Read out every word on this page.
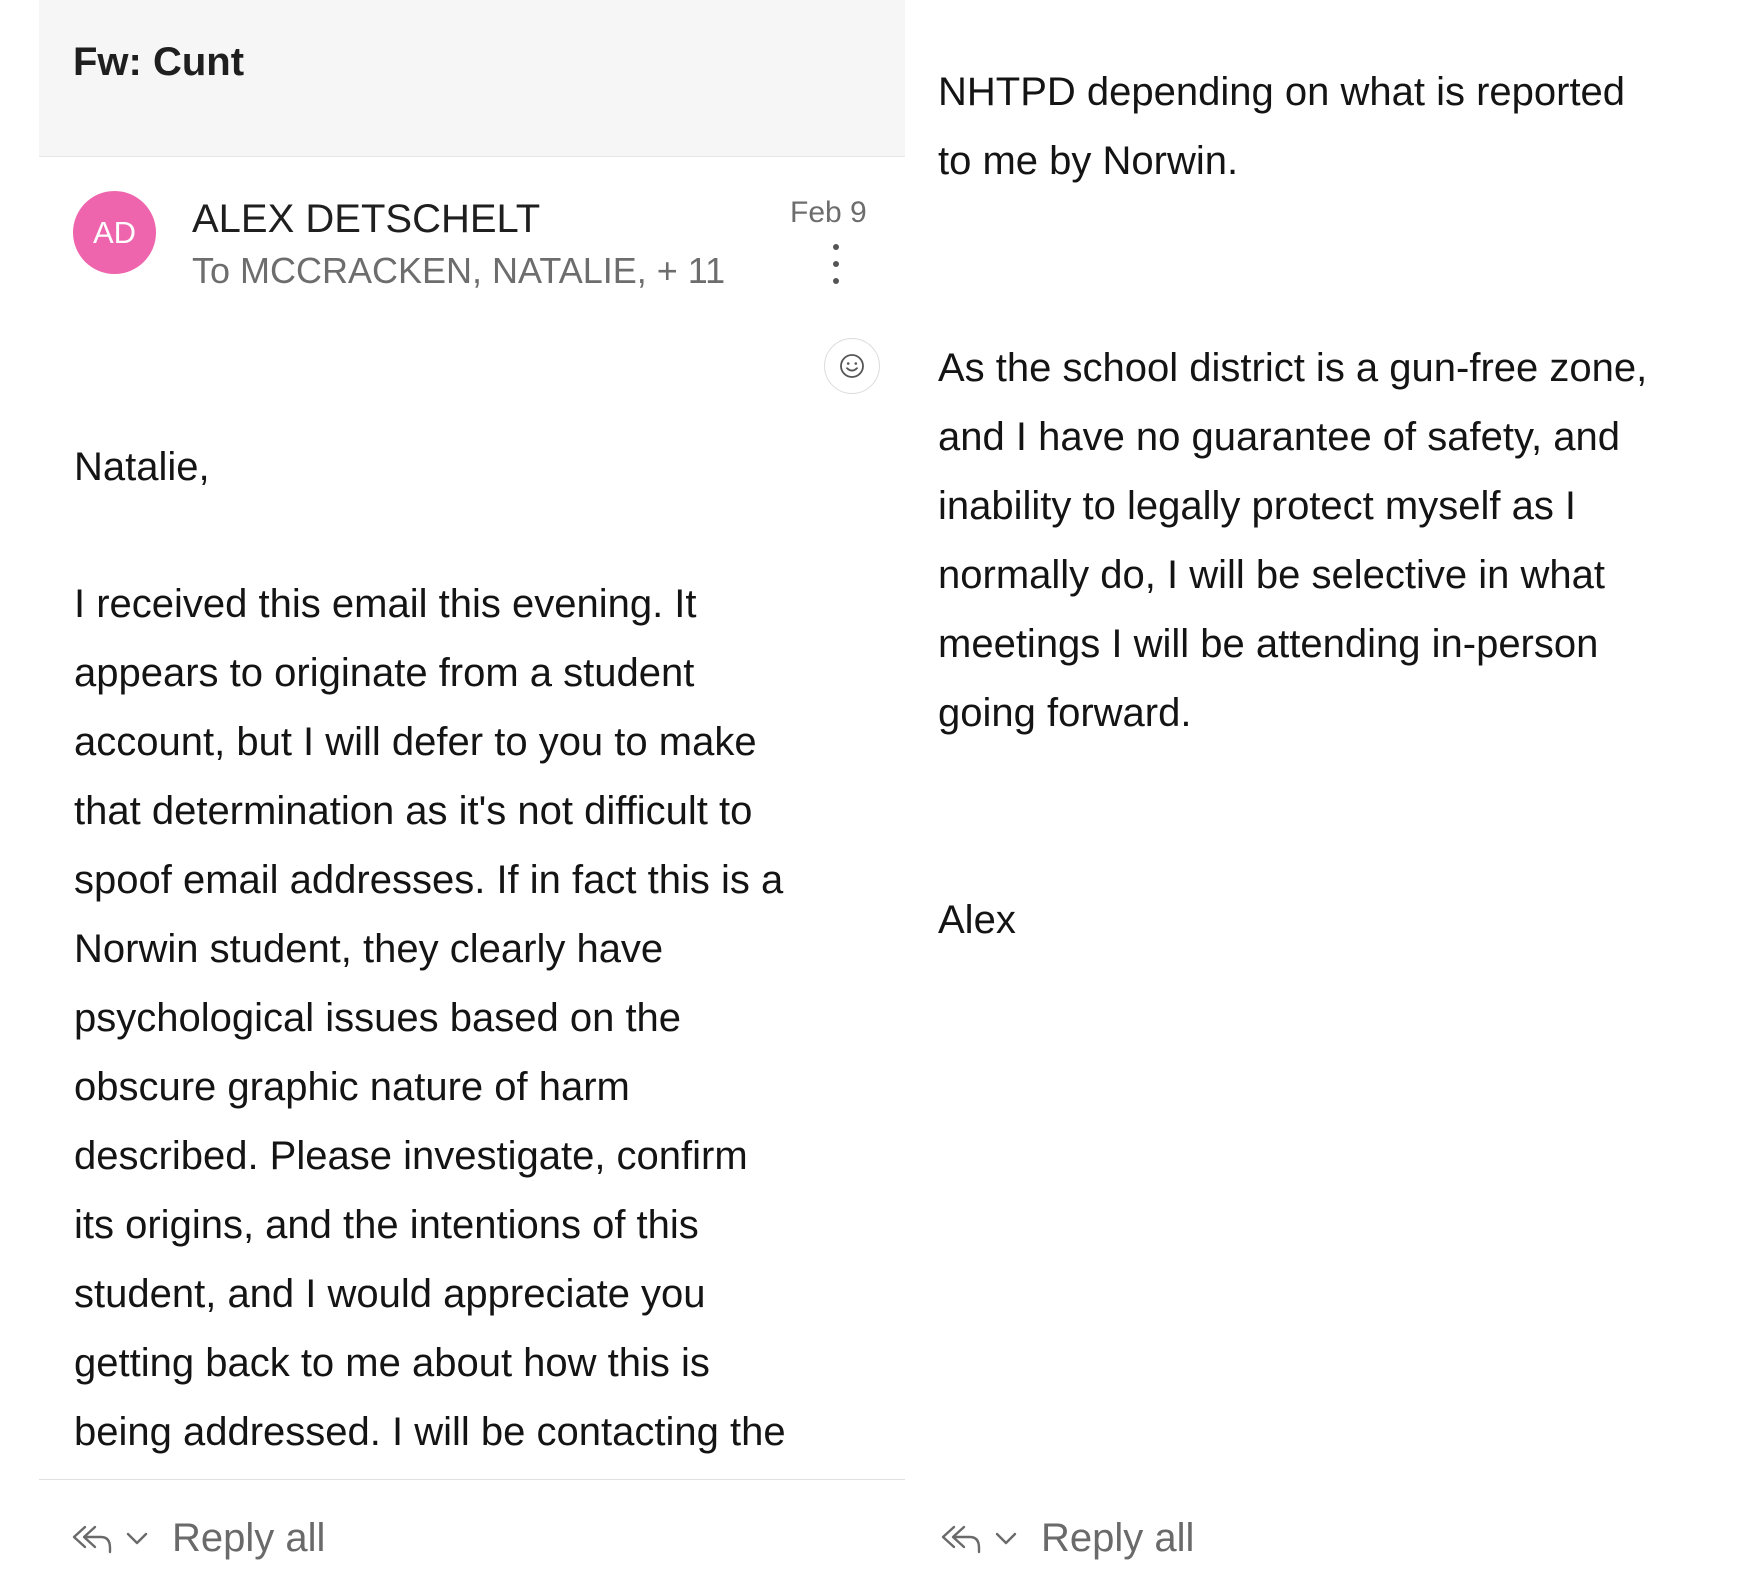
Fw: Cunt
AD	ALEX DETSCHELT
To MCCRACKEN, NATALIE, + 11
Feb 9
Natalie,
I received this email this evening. It
appears to originate from a student
account, but I will defer to you to make
that determination as it's not difficult to
spoof email addresses. If in fact this is a
Norwin student, they clearly have
psychological issues based on the
obscure graphic nature of harm
described. Please investigate, confirm
its origins, and the intentions of this
student, and I would appreciate you
getting back to me about how this is
being addressed. I will be contacting the

Reply all

NHTPD depending on what is reported
to me by Norwin.

As the school district is a gun-free zone,
and I have no guarantee of safety, and
inability to legally protect myself as I
normally do, I will be selective in what
meetings I will be attending in-person
going forward.

Alex

Reply all
